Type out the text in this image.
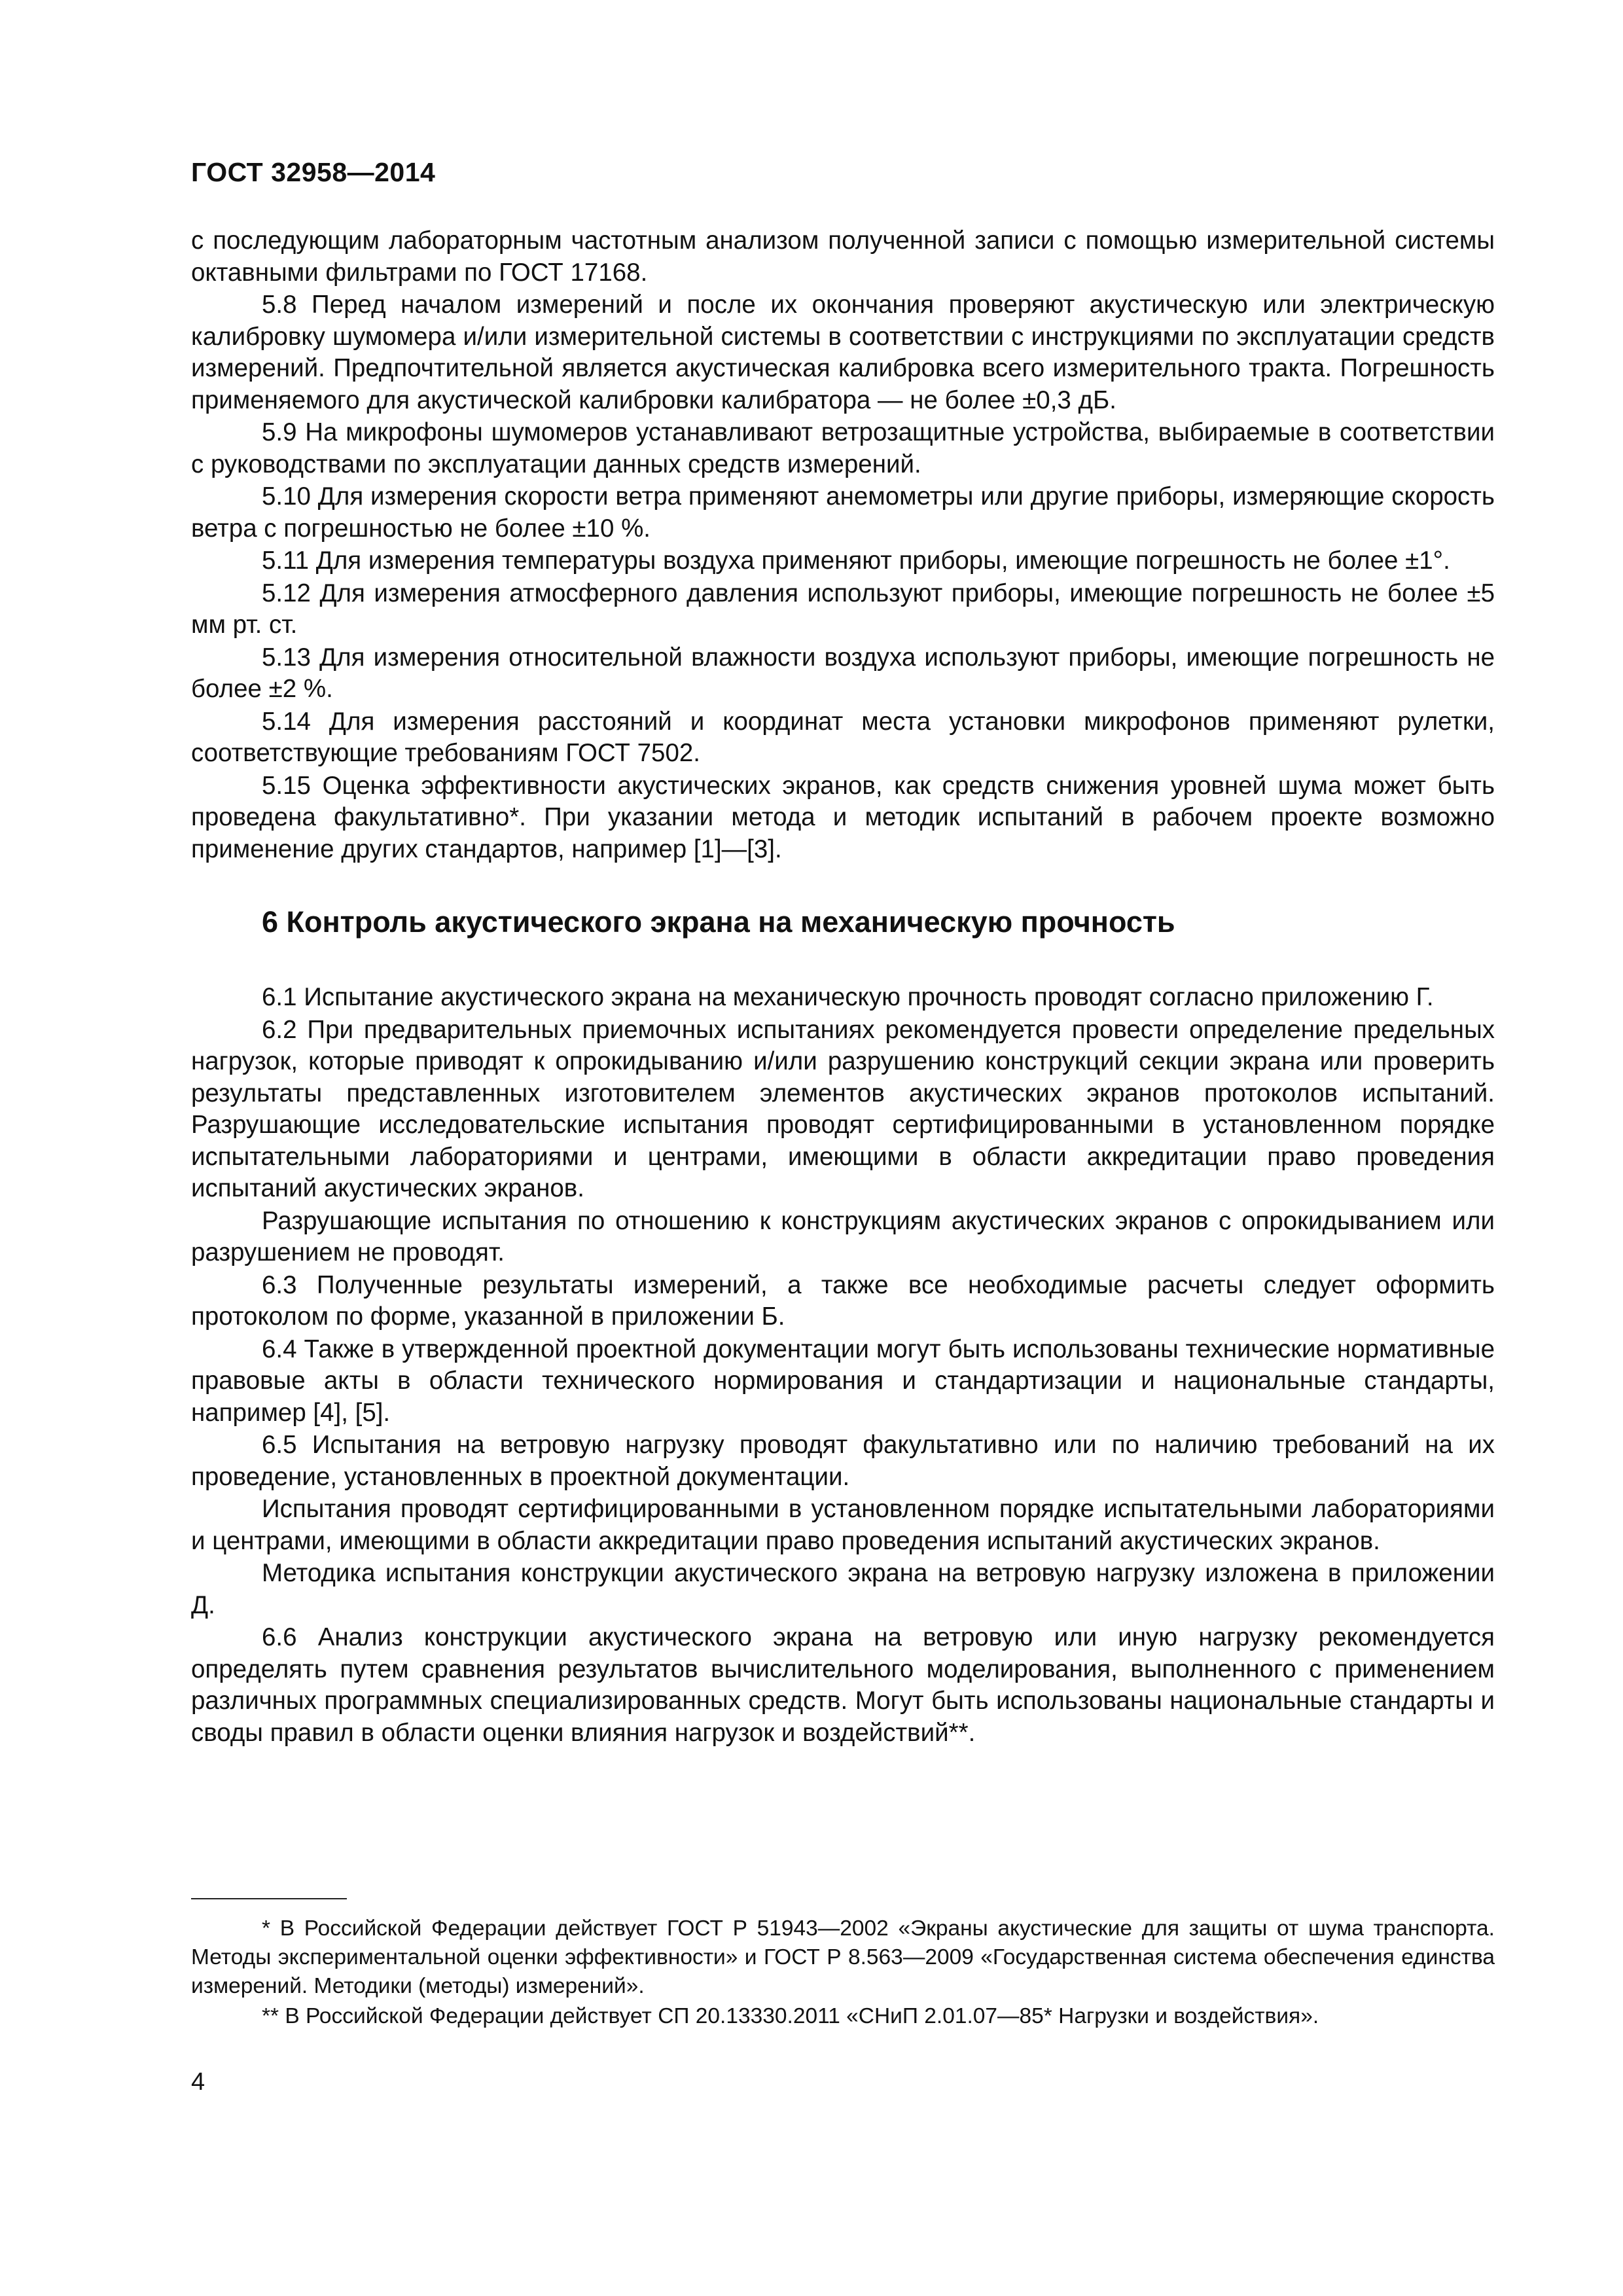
ГОСТ 32958—2014

с последующим лабораторным частотным анализом полученной записи с помощью измерительной системы октавными фильтрами по ГОСТ 17168.

5.8 Перед началом измерений и после их окончания проверяют акустическую или электрическую калибровку шумомера и/или измерительной системы в соответствии с инструкциями по эксплуатации средств измерений. Предпочтительной является акустическая калибровка всего измерительного тракта. Погрешность применяемого для акустической калибровки калибратора — не более ±0,3 дБ.

5.9 На микрофоны шумомеров устанавливают ветрозащитные устройства, выбираемые в соответствии с руководствами по эксплуатации данных средств измерений.

5.10 Для измерения скорости ветра применяют анемометры или другие приборы, измеряющие скорость ветра с погрешностью не более ±10 %.

5.11 Для измерения температуры воздуха применяют приборы, имеющие погрешность не более ±1°.

5.12 Для измерения атмосферного давления используют приборы, имеющие погрешность не более ±5 мм рт. ст.

5.13 Для измерения относительной влажности воздуха используют приборы, имеющие погрешность не более ±2 %.

5.14 Для измерения расстояний и координат места установки микрофонов применяют рулетки, соответствующие требованиям ГОСТ 7502.

5.15 Оценка эффективности акустических экранов, как средств снижения уровней шума может быть проведена факультативно*. При указании метода и методик испытаний в рабочем проекте возможно применение других стандартов, например [1]—[3].

6 Контроль акустического экрана на механическую прочность

6.1 Испытание акустического экрана на механическую прочность проводят согласно приложению Г.

6.2 При предварительных приемочных испытаниях рекомендуется провести определение предельных нагрузок, которые приводят к опрокидыванию и/или разрушению конструкций секции экрана или проверить результаты представленных изготовителем элементов акустических экранов протоколов испытаний. Разрушающие исследовательские испытания проводят сертифицированными в установленном порядке испытательными лабораториями и центрами, имеющими в области аккредитации право проведения испытаний акустических экранов.

Разрушающие испытания по отношению к конструкциям акустических экранов с опрокидыванием или разрушением не проводят.

6.3 Полученные результаты измерений, а также все необходимые расчеты следует оформить протоколом по форме, указанной в приложении Б.

6.4 Также в утвержденной проектной документации могут быть использованы технические нормативные правовые акты в области технического нормирования и стандартизации и национальные стандарты, например [4], [5].

6.5 Испытания на ветровую нагрузку проводят факультативно или по наличию требований на их проведение, установленных в проектной документации.

Испытания проводят сертифицированными в установленном порядке испытательными лабораториями и центрами, имеющими в области аккредитации право проведения испытаний акустических экранов.

Методика испытания конструкции акустического экрана на ветровую нагрузку изложена в приложении Д.

6.6 Анализ конструкции акустического экрана на ветровую или иную нагрузку рекомендуется определять путем сравнения результатов вычислительного моделирования, выполненного с применением различных программных специализированных средств. Могут быть использованы национальные стандарты и своды правил в области оценки влияния нагрузок и воздействий**.

* В Российской Федерации действует ГОСТ Р 51943—2002 «Экраны акустические для защиты от шума транспорта. Методы экспериментальной оценки эффективности» и ГОСТ Р 8.563—2009 «Государственная система обеспечения единства измерений. Методики (методы) измерений».

** В Российской Федерации действует СП 20.13330.2011 «СНиП 2.01.07—85* Нагрузки и воздействия».

4
